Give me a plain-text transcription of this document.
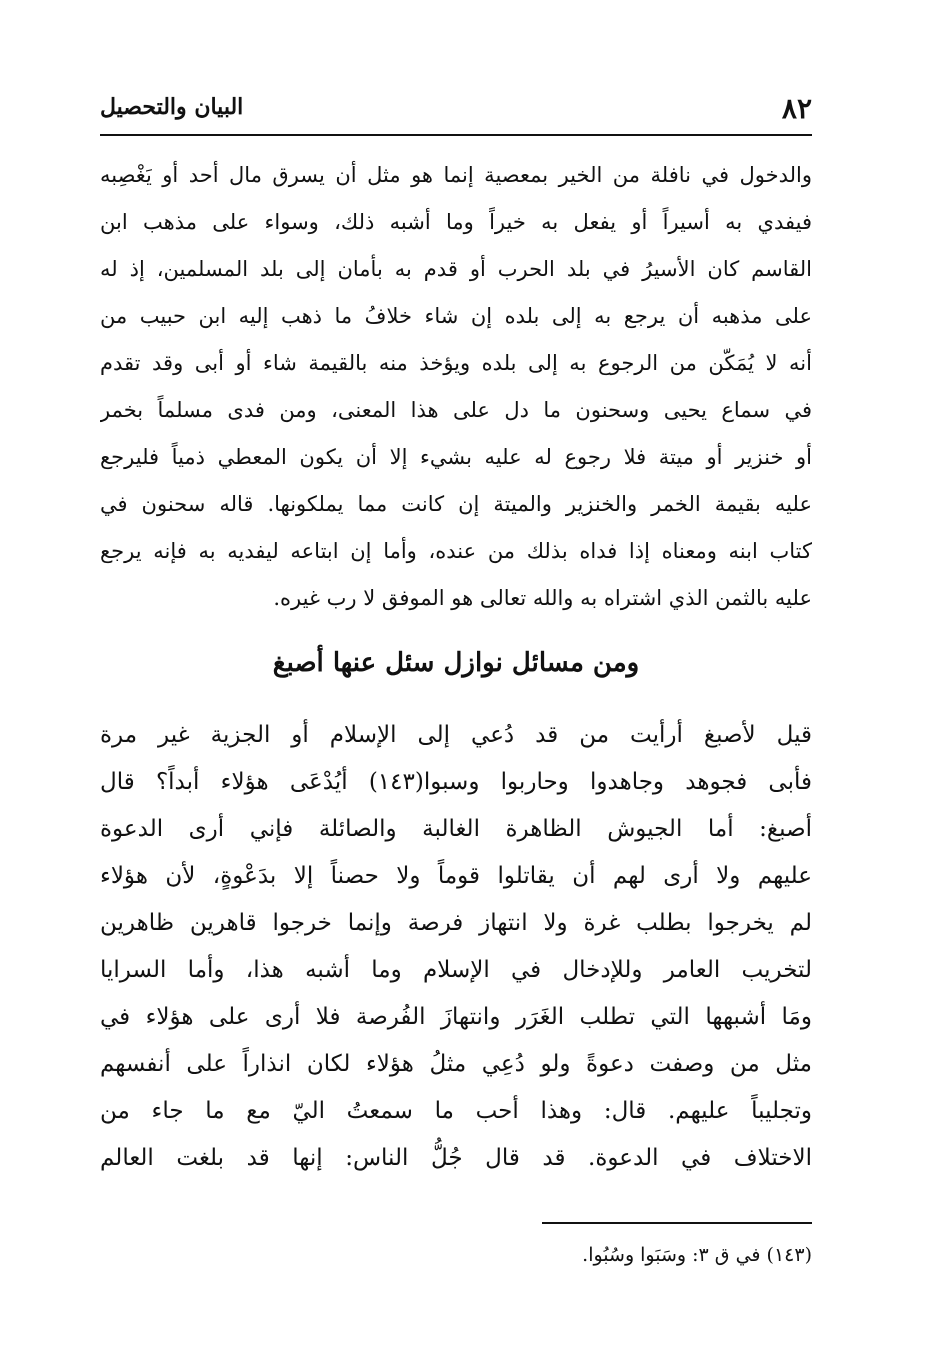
٨٢
البيان والتحصيل
والدخول في نافلة من الخير بمعصية إنما هو مثل أن يسرق مال أحد أو يَغْصِبه
فيفدي به أسيراً أو يفعل به خيراً وما أشبه ذلك، وسواء على مذهب ابن
القاسم كان الأسيرُ في بلد الحرب أو قدم به بأمان إلى بلد المسلمين، إذ له
على مذهبه أن يرجع به إلى بلده إن شاء خلافُ ما ذهب إليه ابن حبيب من
أنه لا يُمَكّن من الرجوع به إلى بلده ويؤخذ منه بالقيمة شاء أو أبى وقد تقدم
في سماع يحيى وسحنون ما دل على هذا المعنى، ومن فدى مسلماً بخمر
أو خنزير أو ميتة فلا رجوع له عليه بشيء إلا أن يكون المعطي ذمياً فليرجع
عليه بقيمة الخمر والخنزير والميتة إن كانت مما يملكونها. قاله سحنون في
كتاب ابنه ومعناه إذا فداه بذلك من عنده، وأما إن ابتاعه ليفديه به فإنه يرجع
عليه بالثمن الذي اشتراه به والله تعالى هو الموفق لا رب غيره.
ومن مسائل نوازل سئل عنها أصبغ
قيل لأصبغ أرأيت من قد دُعي إلى الإسلام أو الجزية غير مرة
فأبى فجوهد وجاهدوا وحاربوا وسبوا(١٤٣) أيُدْعَى هؤلاء أبداً؟ قال
أصبغ: أما الجيوش الظاهرة الغالبة والصائلة فإني أرى الدعوة
عليهم ولا أرى لهم أن يقاتلوا قوماً ولا حصناً إلا بدَعْوةٍ، لأن هؤلاء
لم يخرجوا بطلب غرة ولا انتهاز فرصة وإنما خرجوا قاهرين ظاهرين
لتخريب العامر وللإدخال في الإسلام وما أشبه هذا، وأما السرايا
ومَا أشبهها التي تطلب الغَرَر وانتهازَ الفُرصة فلا أرى على هؤلاء في
مثل من وصفت دعوةً ولو دُعِي مثلُ هؤلاء لكان انذاراً على أنفسهم
وتجليباً عليهم. قال: وهذا أحب ما سمعتُ اليّ مع ما جاء من
الاختلاف في الدعوة. قد قال جُلُّ الناس: إنها قد بلغت العالم
(١٤٣) في ق ٣: وسَبَوا وسُبُوا.
